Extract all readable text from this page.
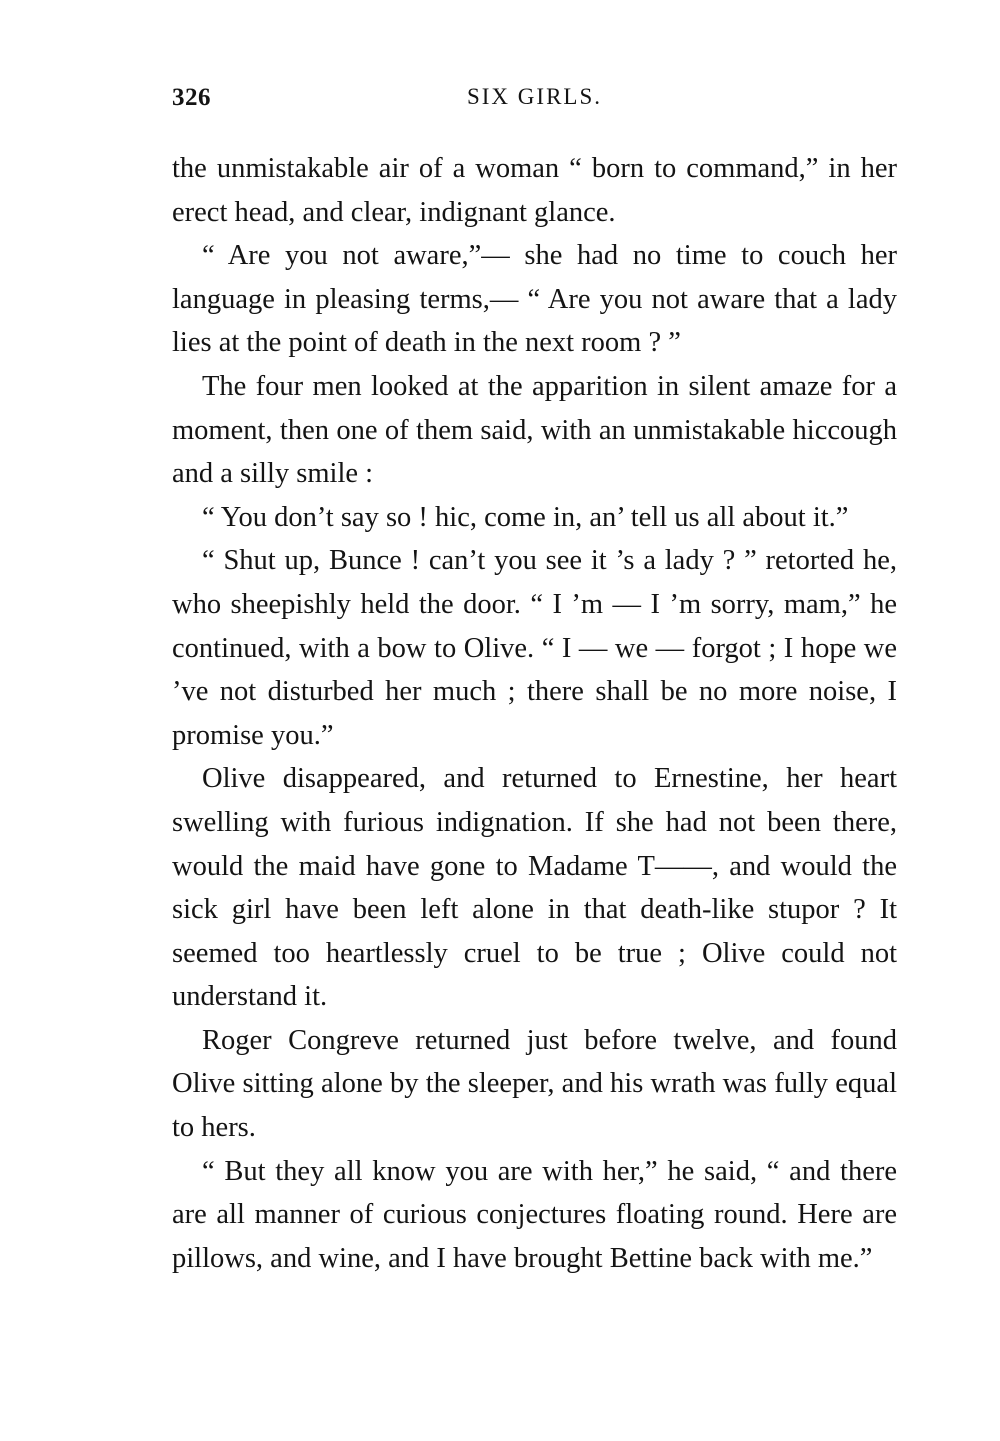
326	SIX GIRLS.

the unmistakable air of a woman “ born to command,” in her erect head, and clear, indignant glance.

“ Are you not aware,”— she had no time to couch her language in pleasing terms,— “ Are you not aware that a lady lies at the point of death in the next room ? ”

The four men looked at the apparition in silent amaze for a moment, then one of them said, with an unmistakable hiccough and a silly smile :

“ You don’t say so ! hic, come in, an’ tell us all about it.”

“ Shut up, Bunce ! can’t you see it ’s a lady ? ” retorted he, who sheepishly held the door. “ I ’m — I ’m sorry, mam,” he continued, with a bow to Olive. “ I — we — forgot ; I hope we ’ve not disturbed her much ; there shall be no more noise, I promise you.”

Olive disappeared, and returned to Ernestine, her heart swelling with furious indignation. If she had not been there, would the maid have gone to Madame T——, and would the sick girl have been left alone in that death-like stupor ? It seemed too heartlessly cruel to be true ; Olive could not understand it.

Roger Congreve returned just before twelve, and found Olive sitting alone by the sleeper, and his wrath was fully equal to hers.

“ But they all know you are with her,” he said, “ and there are all manner of curious conjectures floating round. Here are pillows, and wine, and I have brought Bettine back with me.”
